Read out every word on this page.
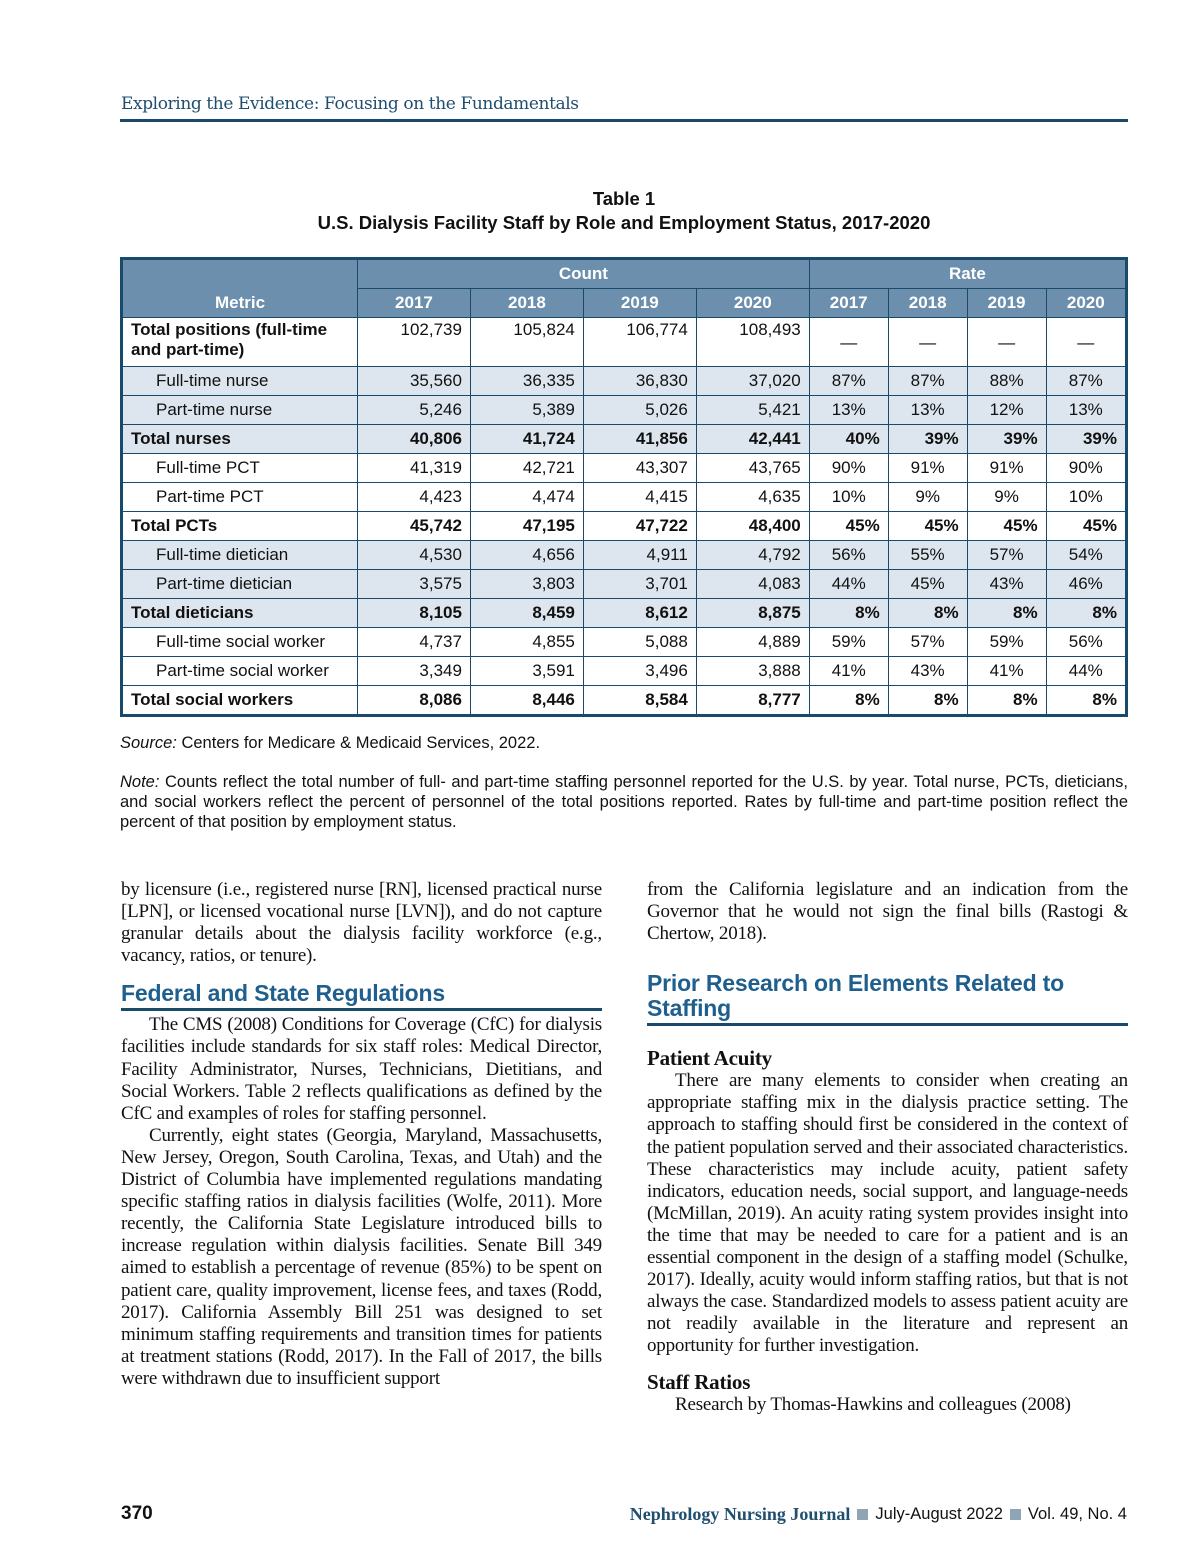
Exploring the Evidence: Focusing on the Fundamentals
Table 1
U.S. Dialysis Facility Staff by Role and Employment Status, 2017-2020
Metric	Count				Rate			
	2017	2018	2019	2020	2017	2018	2019	2020
Total positions (full-time and part-time)	102,739	105,824	106,774	108,493	—	—	—	—
Full-time nurse	35,560	36,335	36,830	37,020	87%	87%	88%	87%
Part-time nurse	5,246	5,389	5,026	5,421	13%	13%	12%	13%
Total nurses	40,806	41,724	41,856	42,441	40%	39%	39%	39%
Full-time PCT	41,319	42,721	43,307	43,765	90%	91%	91%	90%
Part-time PCT	4,423	4,474	4,415	4,635	10%	9%	9%	10%
Total PCTs	45,742	47,195	47,722	48,400	45%	45%	45%	45%
Full-time dietician	4,530	4,656	4,911	4,792	56%	55%	57%	54%
Part-time dietician	3,575	3,803	3,701	4,083	44%	45%	43%	46%
Total dieticians	8,105	8,459	8,612	8,875	8%	8%	8%	8%
Full-time social worker	4,737	4,855	5,088	4,889	59%	57%	59%	56%
Part-time social worker	3,349	3,591	3,496	3,888	41%	43%	41%	44%
Total social workers	8,086	8,446	8,584	8,777	8%	8%	8%	8%
Source: Centers for Medicare & Medicaid Services, 2022.
Note: Counts reflect the total number of full- and part-time staffing personnel reported for the U.S. by year. Total nurse, PCTs, dieticians, and social workers reflect the percent of personnel of the total positions reported. Rates by full-time and part-time position reflect the percent of that position by employment status.

by licensure (i.e., registered nurse [RN], licensed practical nurse [LPN], or licensed vocational nurse [LVN]), and do not capture granular details about the dialysis facility workforce (e.g., vacancy, ratios, or tenure).

Federal and State Regulations

The CMS (2008) Conditions for Coverage (CfC) for dialysis facilities include standards for six staff roles: Medical Director, Facility Administrator, Nurses, Technicians, Dietitians, and Social Workers. Table 2 reflects qualifications as defined by the CfC and examples of roles for staffing personnel.

Currently, eight states (Georgia, Maryland, Massachusetts, New Jersey, Oregon, South Carolina, Texas, and Utah) and the District of Columbia have implemented regulations mandating specific staffing ratios in dialysis facilities (Wolfe, 2011). More recently, the California State Legislature introduced bills to increase regulation within dialysis facilities. Senate Bill 349 aimed to establish a percentage of revenue (85%) to be spent on patient care, quality improvement, license fees, and taxes (Rodd, 2017). California Assembly Bill 251 was designed to set minimum staffing requirements and transition times for patients at treatment stations (Rodd, 2017). In the Fall of 2017, the bills were withdrawn due to insufficient support

from the California legislature and an indication from the Governor that he would not sign the final bills (Rastogi & Chertow, 2018).

Prior Research on Elements Related to Staffing
Patient Acuity

There are many elements to consider when creating an appropriate staffing mix in the dialysis practice setting. The approach to staffing should first be considered in the context of the patient population served and their associated characteristics. These characteristics may include acuity, patient safety indicators, education needs, social support, and language-needs (McMillan, 2019). An acuity rating system provides insight into the time that may be needed to care for a patient and is an essential component in the design of a staffing model (Schulke, 2017). Ideally, acuity would inform staffing ratios, but that is not always the case. Standardized models to assess patient acuity are not readily available in the literature and represent an opportunity for further investigation.

Staff Ratios

Research by Thomas-Hawkins and colleagues (2008)

370	Nephrology Nursing Journal July-August 2022 Vol. 49, No. 4
